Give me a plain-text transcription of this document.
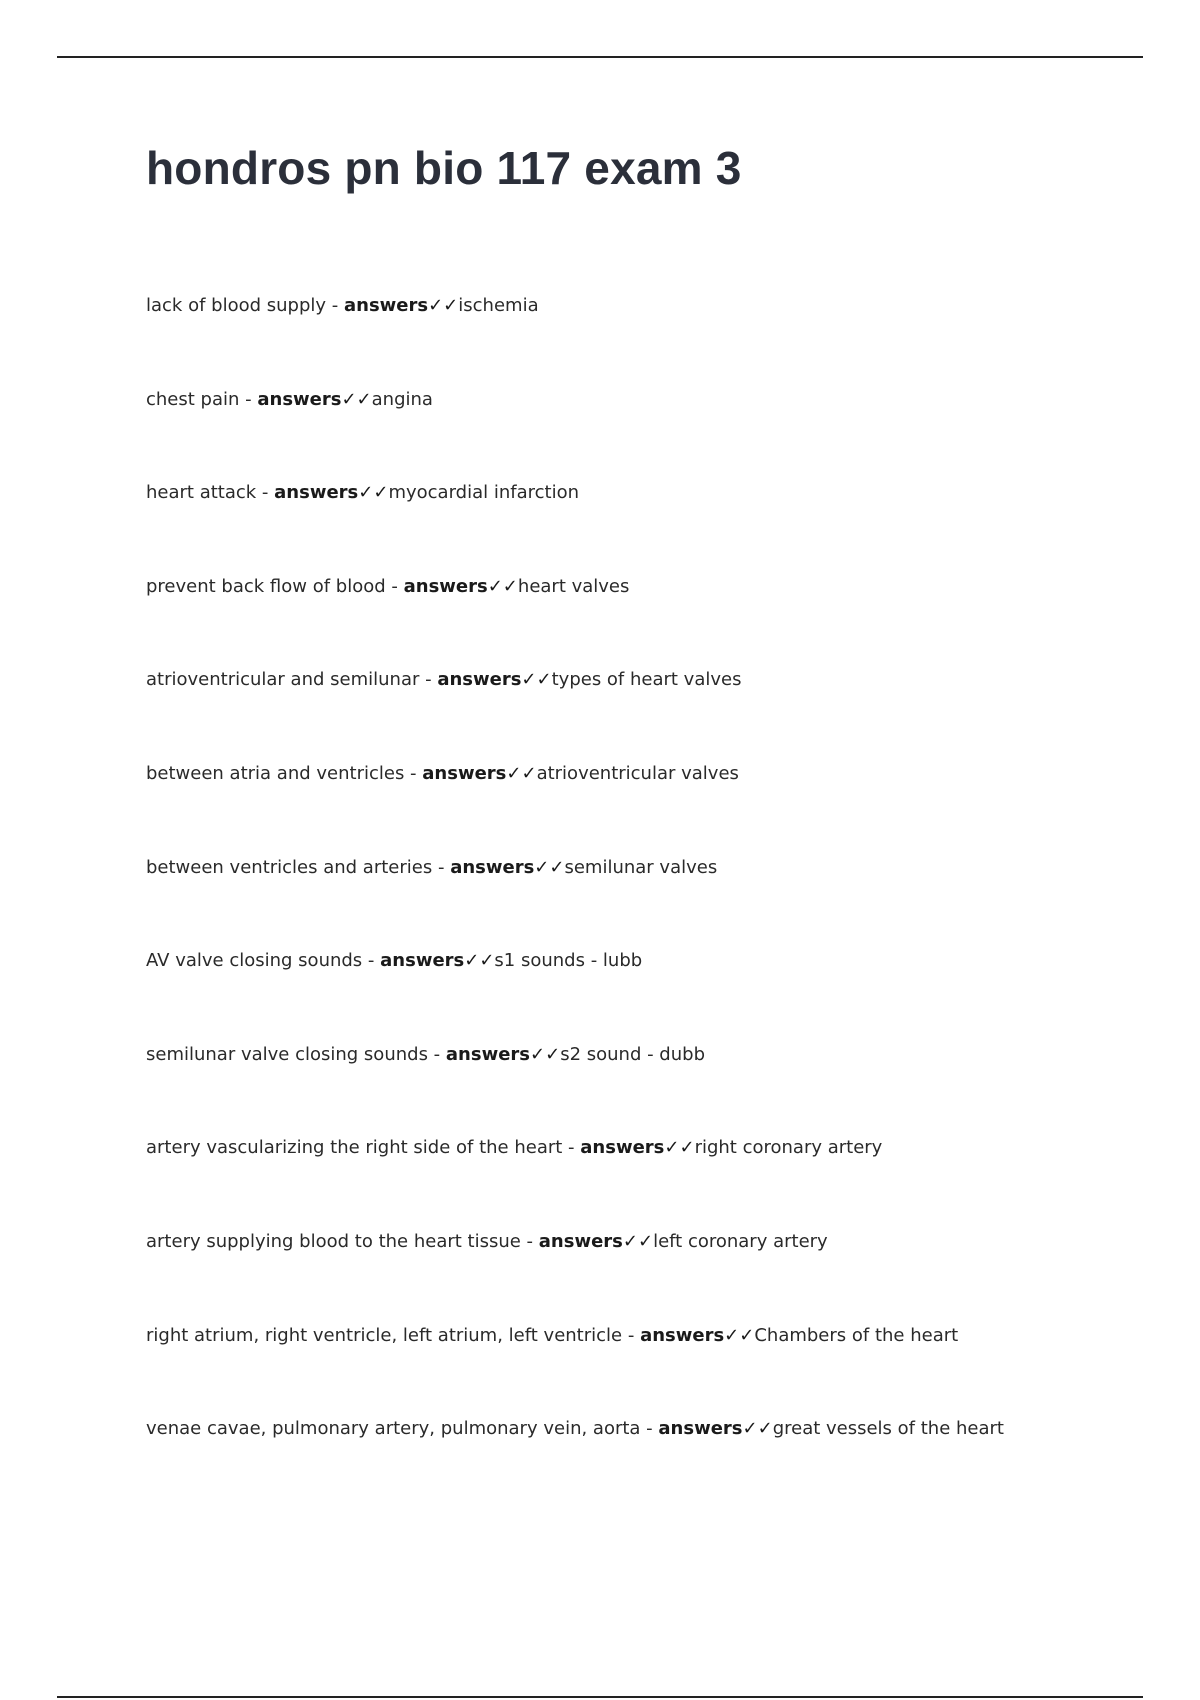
hondros pn bio 117 exam 3
lack of blood supply - answers✓✓ischemia
chest pain - answers✓✓angina
heart attack - answers✓✓myocardial infarction
prevent back flow of blood - answers✓✓heart valves
atrioventricular and semilunar - answers✓✓types of heart valves
between atria and ventricles - answers✓✓atrioventricular valves
between ventricles and arteries - answers✓✓semilunar valves
AV valve closing sounds - answers✓✓s1 sounds - lubb
semilunar valve closing sounds - answers✓✓s2 sound - dubb
artery vascularizing the right side of the heart - answers✓✓right coronary artery
artery supplying blood to the heart tissue - answers✓✓left coronary artery
right atrium, right ventricle, left atrium, left ventricle - answers✓✓Chambers of the heart
venae cavae, pulmonary artery, pulmonary vein, aorta - answers✓✓great vessels of the heart
